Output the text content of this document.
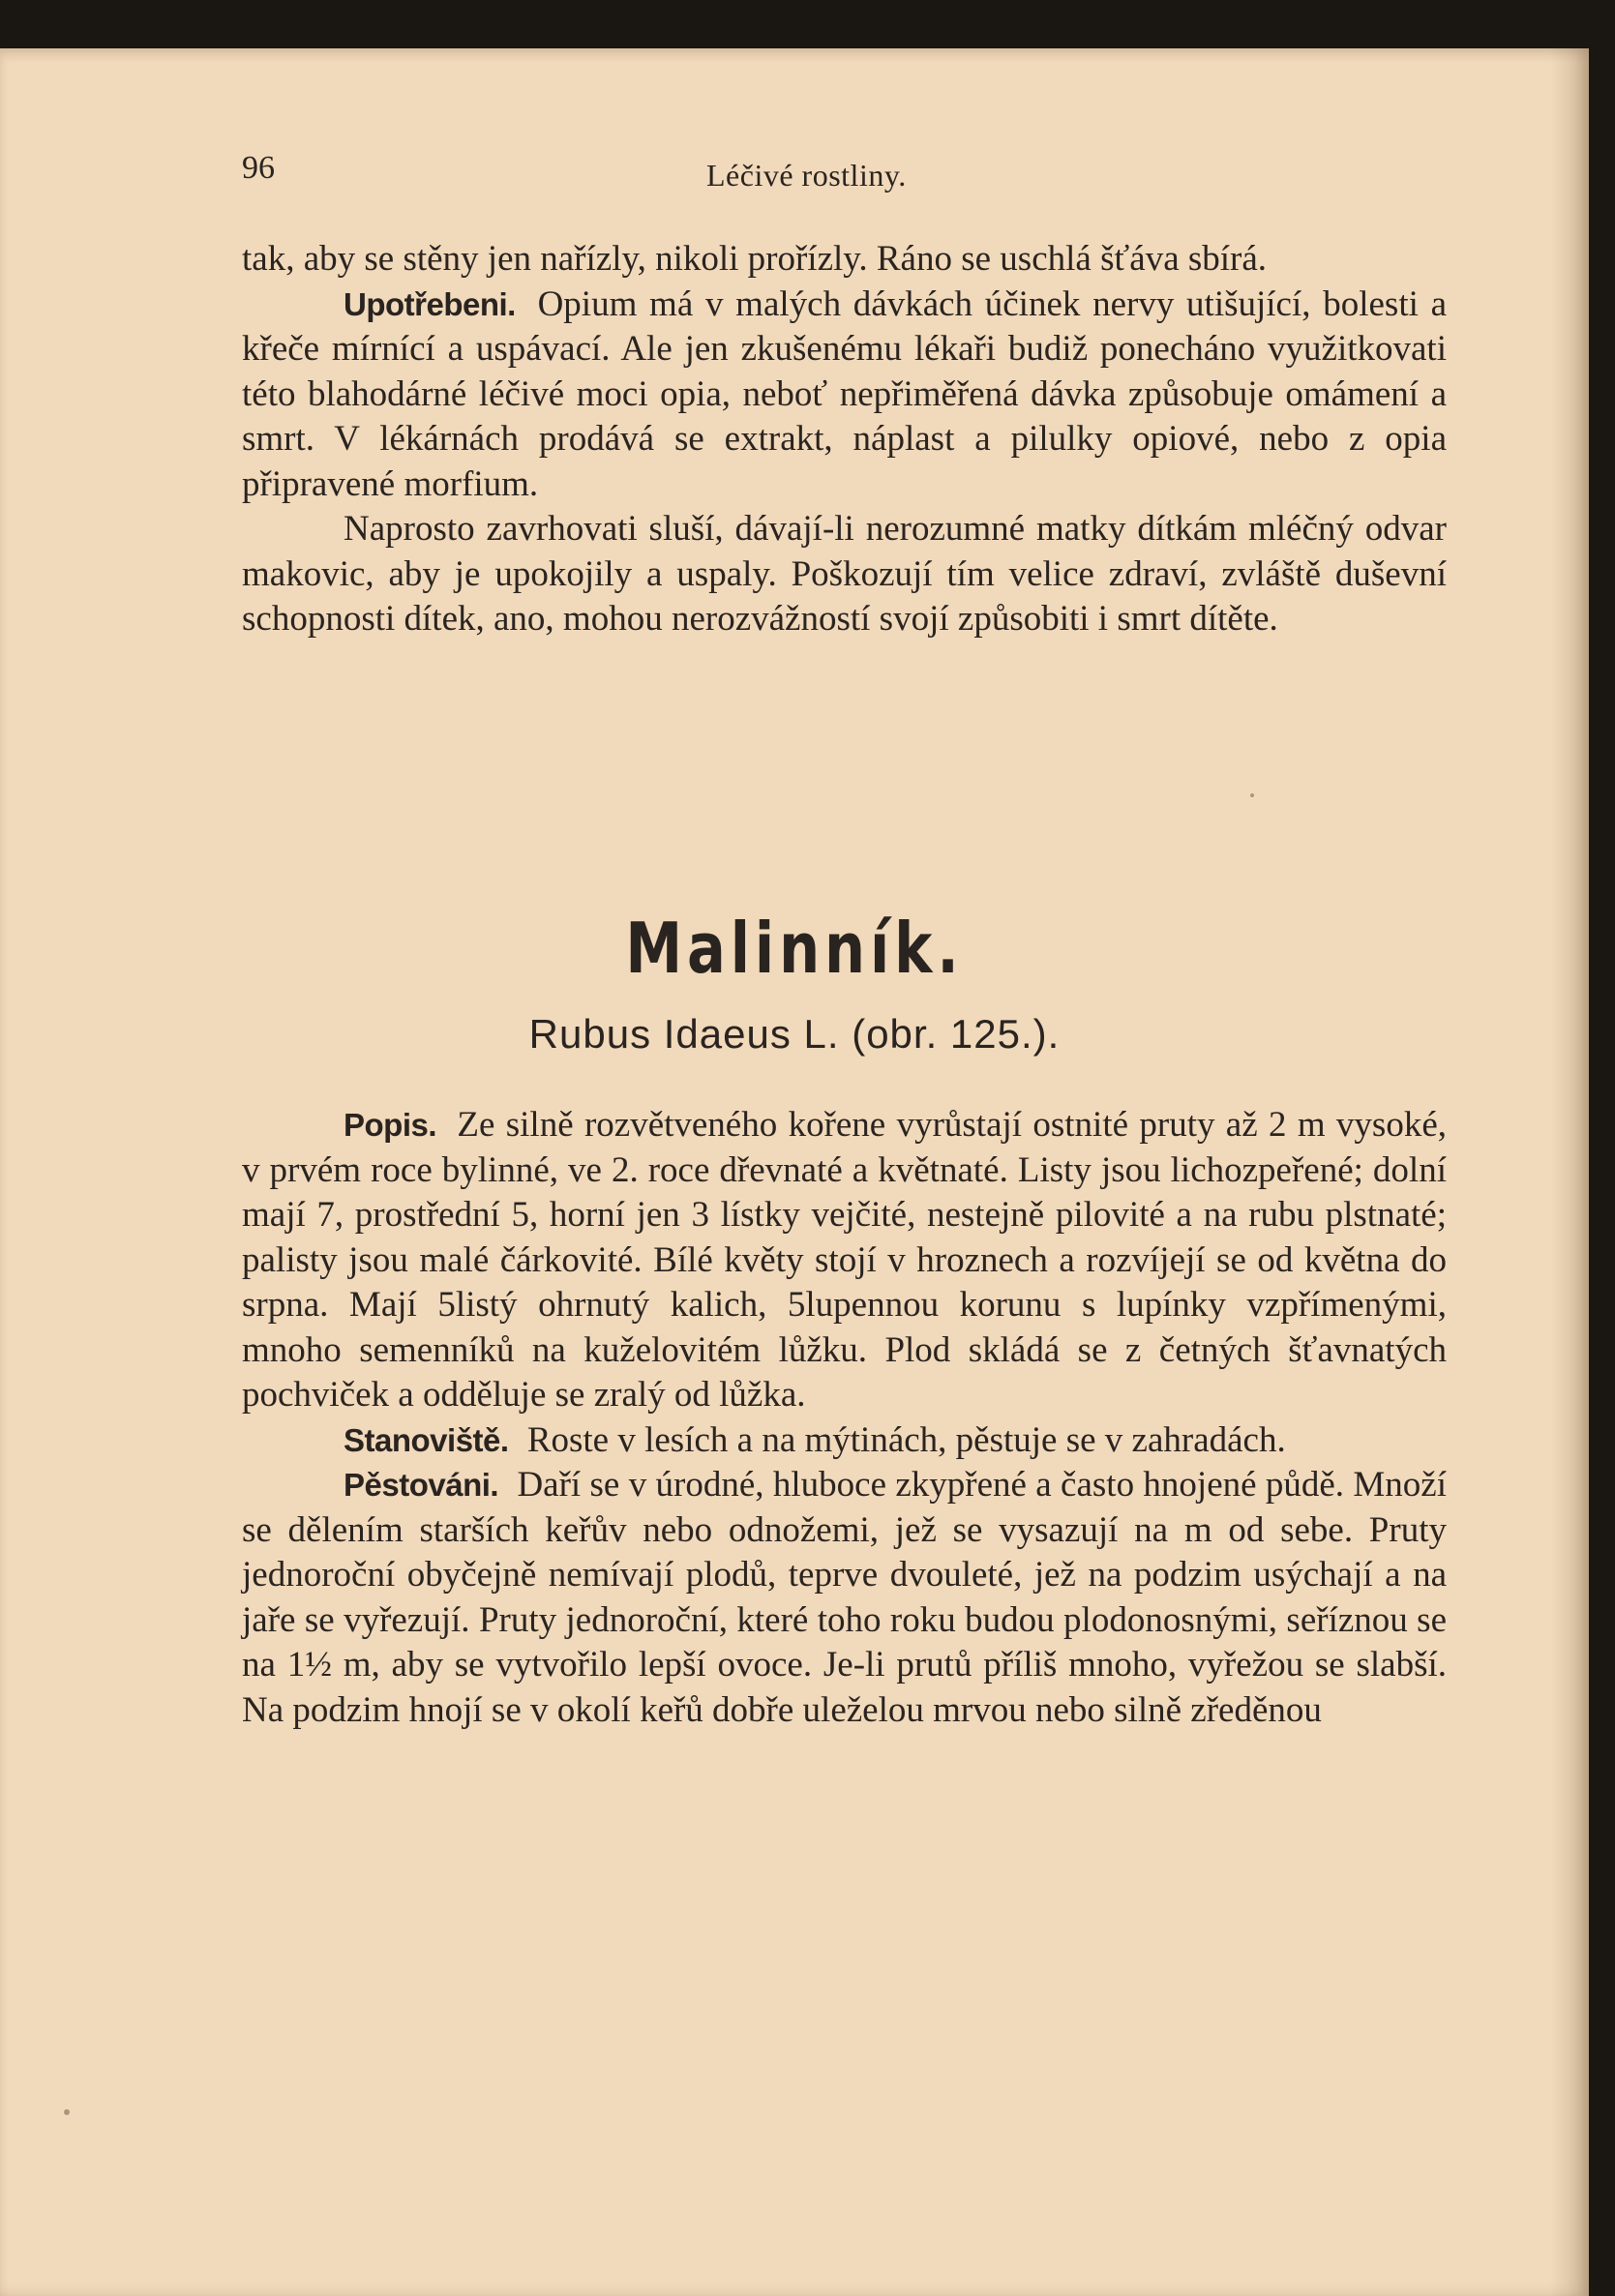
96	Léčivé rostliny.

tak, aby se stěny jen nařízly, nikoli prořízly. Ráno se uschlá šťáva sbírá.

Upotřebeni. Opium má v malých dávkách účinek nervy utišující, bolesti a křeče mírnící a uspávací. Ale jen zkušenému lékaři budiž ponecháno využitkovati této blahodárné léčivé moci opia, neboť nepřiměřená dávka způsobuje omámení a smrt. V lékárnách prodává se extrakt, náplast a pilulky opiové, nebo z opia připravené morfium.

Naprosto zavrhovati sluší, dávají-li nerozumné matky dítkám mléčný odvar makovic, aby je upokojily a uspaly. Poškozují tím velice zdraví, zvláště duševní schopnosti dítek, ano, mohou nerozvážností svojí způsobiti i smrt dítěte.

Malinník.
Rubus Idaeus L. (obr. 125.).

Popis. Ze silně rozvětveného kořene vyrůstají ostnité pruty až 2 m vysoké, v prvém roce bylinné, ve 2. roce dřevnaté a květnaté. Listy jsou lichozpeřené; dolní mají 7, prostřední 5, horní jen 3 lístky vejčité, nestejně pilovité a na rubu plstnaté; palisty jsou malé čárkovité. Bílé květy stojí v hroznech a rozvíjejí se od května do srpna. Mají 5listý ohrnutý kalich, 5lupennou korunu s lupínky vzpřímenými, mnoho semenníků na kuželovitém lůžku. Plod skládá se z četných šťavnatých pochviček a odděluje se zralý od lůžka.

Stanoviště. Roste v lesích a na mýtinách, pěstuje se v zahradách.

Pěstováni. Daří se v úrodné, hluboce zkypřené a často hnojené půdě. Množí se dělením starších keřův nebo odnožemi, jež se vysazují na m od sebe. Pruty jednoroční obyčejně nemívají plodů, teprve dvouleté, jež na podzim usýchají a na jaře se vyřezují. Pruty jednoroční, které toho roku budou plodonosnými, seříznou se na 1½ m, aby se vytvořilo lepší ovoce. Je-li prutů příliš mnoho, vyřežou se slabší. Na podzim hnojí se v okolí keřů dobře uleželou mrvou nebo silně zředěnou
